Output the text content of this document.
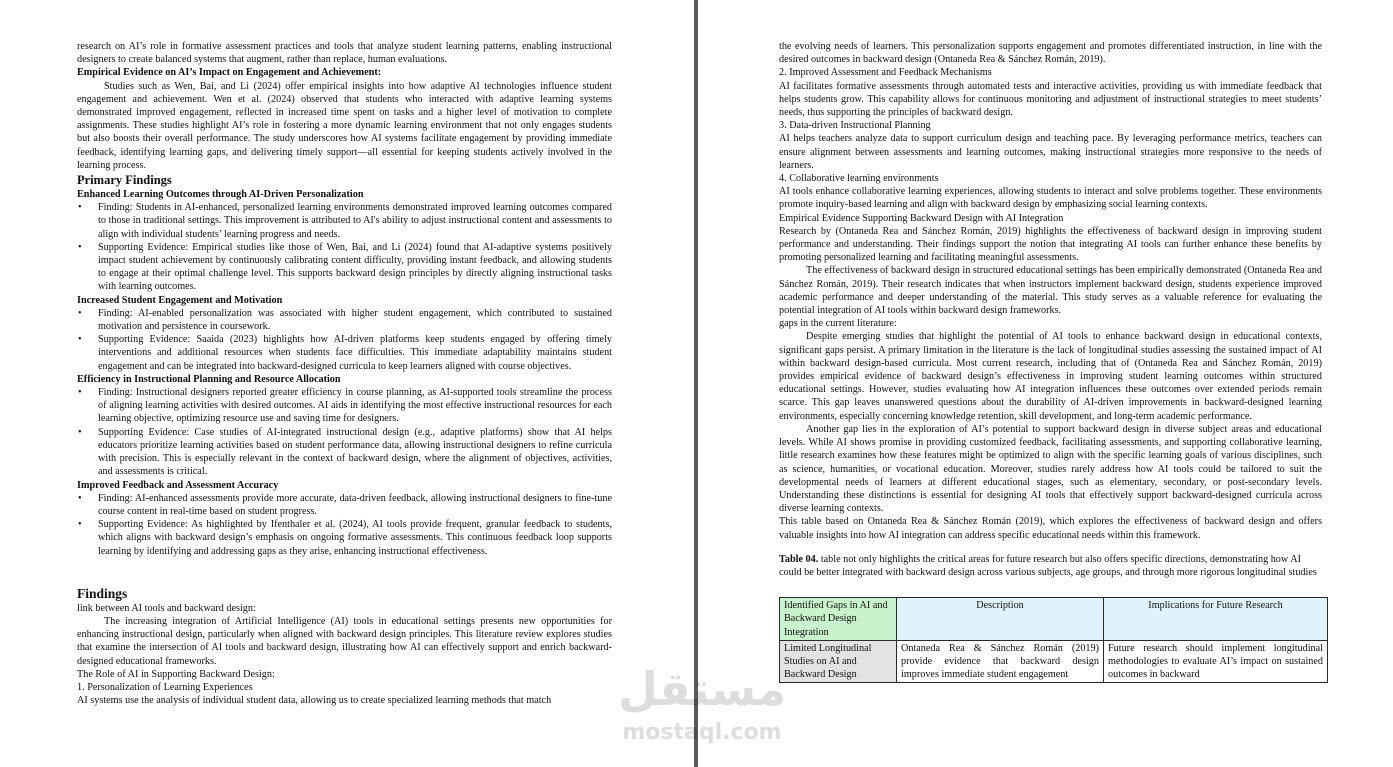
research on AI’s role in formative assessment practices and tools that analyze student learning patterns, enabling instructional designers to create balanced systems that augment, rather than replace, human evaluations.

Empirical Evidence on AI’s Impact on Engagement and Achievement:

Studies such as Wen, Bai, and Li (2024) offer empirical insights into how adaptive AI technologies influence student engagement and achievement. Wen et al. (2024) observed that students who interacted with adaptive learning systems demonstrated improved engagement, reflected in increased time spent on tasks and a higher level of motivation to complete assignments. These studies highlight AI’s role in fostering a more dynamic learning environment that not only engages students but also boosts their overall performance. The study underscores how AI systems facilitate engagement by providing immediate feedback, identifying learning gaps, and delivering timely support—all essential for keeping students actively involved in the learning process.

Primary Findings

Enhanced Learning Outcomes through AI-Driven Personalization

• Finding: Students in AI-enhanced, personalized learning environments demonstrated improved learning outcomes compared to those in traditional settings. This improvement is attributed to AI's ability to adjust instructional content and assessments to align with individual students’ learning progress and needs.
• Supporting Evidence: Empirical studies like those of Wen, Bai, and Li (2024) found that AI-adaptive systems positively impact student achievement by continuously calibrating content difficulty, providing instant feedback, and allowing students to engage at their optimal challenge level. This supports backward design principles by directly aligning instructional tasks with learning outcomes.

Increased Student Engagement and Motivation

• Finding: AI-enabled personalization was associated with higher student engagement, which contributed to sustained motivation and persistence in coursework.
• Supporting Evidence: Saaida (2023) highlights how AI-driven platforms keep students engaged by offering timely interventions and additional resources when students face difficulties. This immediate adaptability maintains student engagement and can be integrated into backward-designed curricula to keep learners aligned with course objectives.

Efficiency in Instructional Planning and Resource Allocation

• Finding: Instructional designers reported greater efficiency in course planning, as AI-supported tools streamline the process of aligning learning activities with desired outcomes. AI aids in identifying the most effective instructional resources for each learning objective, optimizing resource use and saving time for designers.
• Supporting Evidence: Case studies of AI-integrated instructional design (e.g., adaptive platforms) show that AI helps educators prioritize learning activities based on student performance data, allowing instructional designers to refine curricula with precision. This is especially relevant in the context of backward design, where the alignment of objectives, activities, and assessments is critical.

Improved Feedback and Assessment Accuracy

• Finding: AI-enhanced assessments provide more accurate, data-driven feedback, allowing instructional designers to fine-tune course content in real-time based on student progress.
• Supporting Evidence: As highlighted by Ifenthaler et al. (2024), AI tools provide frequent, granular feedback to students, which aligns with backward design’s emphasis on ongoing formative assessments. This continuous feedback loop supports learning by identifying and addressing gaps as they arise, enhancing instructional effectiveness.

Findings

link between AI tools and backward design:

The increasing integration of Artificial Intelligence (AI) tools in educational settings presents new opportunities for enhancing instructional design, particularly when aligned with backward design principles. This literature review explores studies that examine the intersection of AI tools and backward design, illustrating how AI can effectively support and enrich backward-designed educational frameworks.

The Role of AI in Supporting Backward Design:

1. Personalization of Learning Experiences

AI systems use the analysis of individual student data, allowing us to create specialized learning methods that match

the evolving needs of learners. This personalization supports engagement and promotes differentiated instruction, in line with the desired outcomes in backward design (Ontaneda Rea & Sánchez Román, 2019).

2. Improved Assessment and Feedback Mechanisms

AI facilitates formative assessments through automated tests and interactive activities, providing us with immediate feedback that helps students grow. This capability allows for continuous monitoring and adjustment of instructional strategies to meet students’ needs, thus supporting the principles of backward design.

3. Data-driven Instructional Planning

AI helps teachers analyze data to support curriculum design and teaching pace. By leveraging performance metrics, teachers can ensure alignment between assessments and learning outcomes, making instructional strategies more responsive to the needs of learners.

4. Collaborative learning environments

AI tools enhance collaborative learning experiences, allowing students to interact and solve problems together. These environments promote inquiry-based learning and align with backward design by emphasizing social learning contexts.

Empirical Evidence Supporting Backward Design with AI Integration

Research by (Ontaneda Rea and Sánchez Román, 2019) highlights the effectiveness of backward design in improving student performance and understanding. Their findings support the notion that integrating AI tools can further enhance these benefits by promoting personalized learning and facilitating meaningful assessments.

The effectiveness of backward design in structured educational settings has been empirically demonstrated (Ontaneda Rea and Sánchez Román, 2019). Their research indicates that when instructors implement backward design, students experience improved academic performance and deeper understanding of the material. This study serves as a valuable reference for evaluating the potential integration of AI tools within backward design frameworks.

gaps in the current literature:

Despite emerging studies that highlight the potential of AI tools to enhance backward design in educational contexts, significant gaps persist. A primary limitation in the literature is the lack of longitudinal studies assessing the sustained impact of AI within backward design-based curricula. Most current research, including that of (Ontaneda Rea and Sánchez Román, 2019) provides empirical evidence of backward design’s effectiveness in improving student learning outcomes within structured educational settings. However, studies evaluating how AI integration influences these outcomes over extended periods remain scarce. This gap leaves unanswered questions about the durability of AI-driven improvements in backward-designed learning environments, especially concerning knowledge retention, skill development, and long-term academic performance.

Another gap lies in the exploration of AI’s potential to support backward design in diverse subject areas and educational levels. While AI shows promise in providing customized feedback, facilitating assessments, and supporting collaborative learning, little research examines how these features might be optimized to align with the specific learning goals of various disciplines, such as science, humanities, or vocational education. Moreover, studies rarely address how AI tools could be tailored to suit the developmental needs of learners at different educational stages, such as elementary, secondary, or post-secondary levels. Understanding these distinctions is essential for designing AI tools that effectively support backward-designed curricula across diverse learning contexts.

This table based on Ontaneda Rea & Sánchez Román (2019), which explores the effectiveness of backward design and offers valuable insights into how AI integration can address specific educational needs within this framework.

Table 04. table not only highlights the critical areas for future research but also offers specific directions, demonstrating how AI could be better integrated with backward design across various subjects, age groups, and through more rigorous longitudinal studies

Identified Gaps in AI and Backward Design Integration	Description	Implications for Future Research
Limited Longitudinal Studies on AI and Backward Design	Ontaneda Rea & Sánchez Román (2019) provide evidence that backward design improves immediate student engagement	Future research should implement longitudinal methodologies to evaluate AI’s impact on sustained outcomes in backward
